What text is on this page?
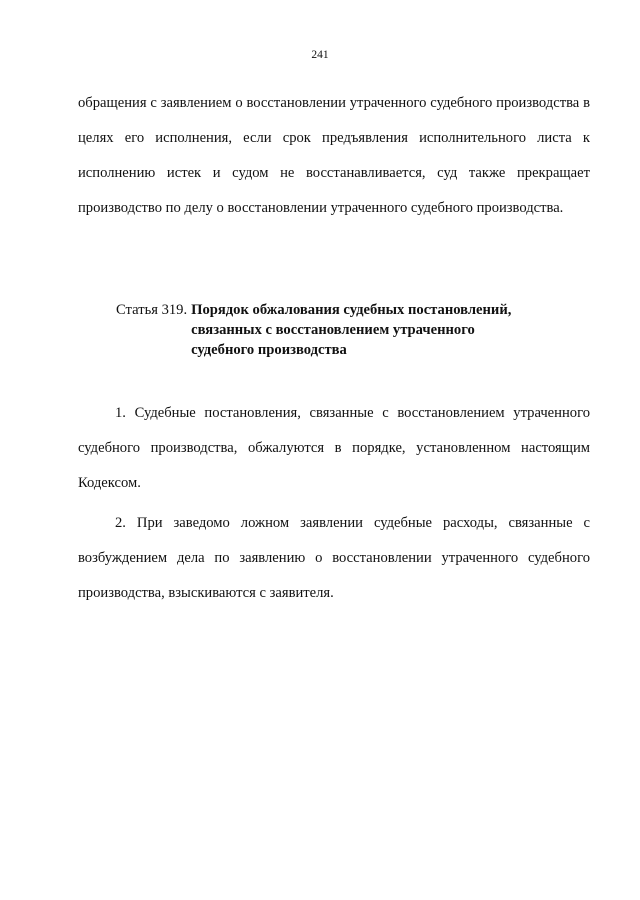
241

обращения с заявлением о восстановлении утраченного судебного производства в целях его исполнения, если срок предъявления исполнительного листа к исполнению истек и судом не восстанавливается, суд также прекращает производство по делу о восстановлении утраченного судебного производства.

Статья 319. Порядок обжалования судебных постановлений,
связанных с восстановлением утраченного
судебного производства

1. Судебные постановления, связанные с восстановлением утраченного судебного производства, обжалуются в порядке, установленном настоящим Кодексом.

2. При заведомо ложном заявлении судебные расходы, связанные с возбуждением дела по заявлению о восстановлении утраченного судебного производства, взыскиваются с заявителя.
